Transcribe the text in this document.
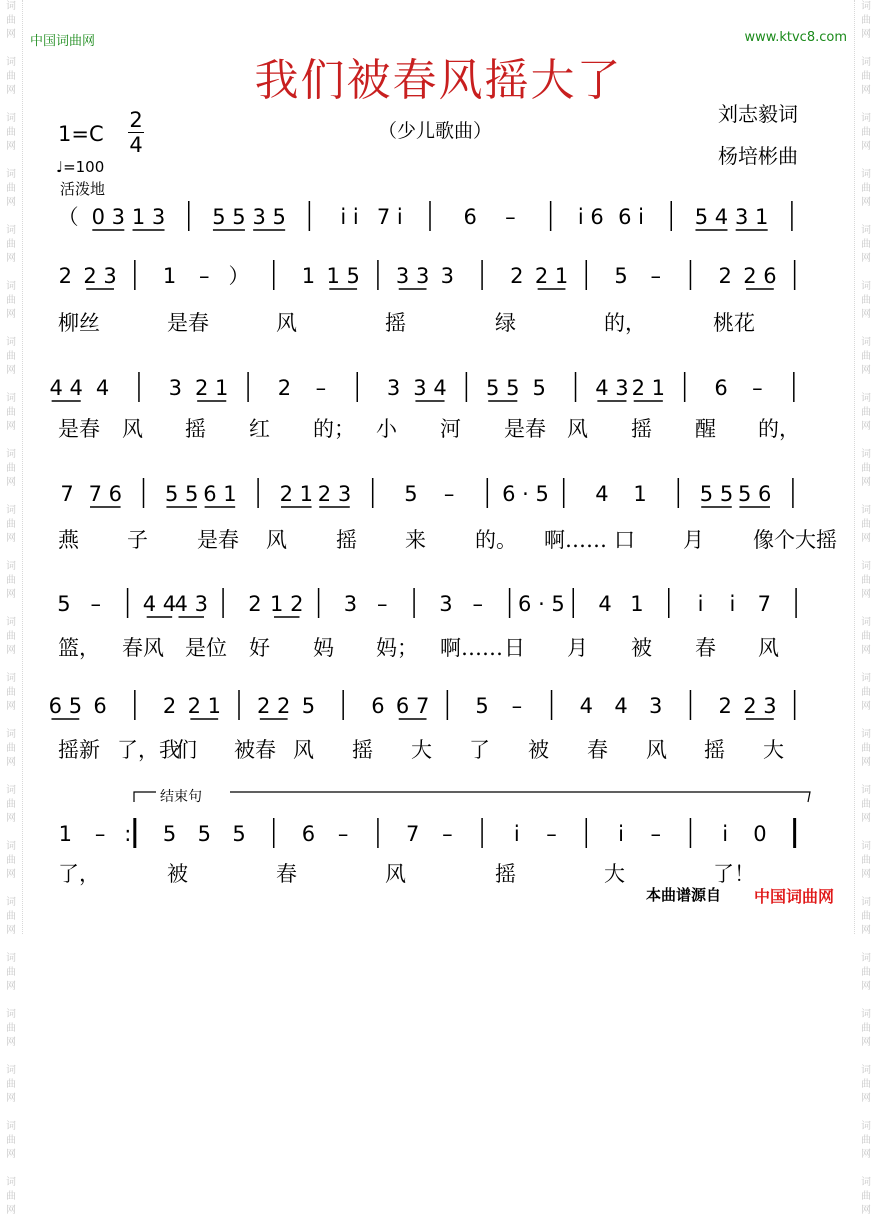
词
曲
网

词
曲
网

词
曲
网

词
曲
网

词
曲
网

词
曲
网

词
曲
网

词
曲
网

词
曲
网

词
曲
网

词
曲
网

词
曲
网

词
曲
网

词
曲
网

词
曲
网

词
曲
网

词
曲
网

词
曲
网

词
曲
网

词
曲
网

词
曲
网

词
曲
网

词
曲
网

词
曲
网

词
曲
网

词
曲
网

词
曲
网

词
曲
网

词
曲
网

词
曲
网

词
曲
网

词
曲
网

词
曲
网

词
曲
网

词
曲
网

词
曲
网

词
曲
网

词
曲
网

词
曲
网

词
曲
网

词
曲
网

词
曲
网

词
曲
网

词
曲
网

中国词曲网	www.ktvc8.com
我们被春风摇大了
（少儿歌曲）
刘志毅词
杨培彬曲
1=C
2
4
♩=100
活泼地
（ 0 3 1 3 5 5 3 5	i i 7 i	6 –	i 6 6 i 5 4 3 1
2 2 3 1 – ） 1 1 5 3 3 3	2 2 1 5 –	2 2 6
柳丝	是春	风	摇	绿	的，	桃花
4 4 4	3 2 1 2 –	3 3 4 5 5 5 4 3 2 1 6 –
是春 风 摇 红 的； 小 河 是春 风 摇 醒 的，
7 7 6 5 5 6 1 2 1 2 3	5 – 6 · 5 4 1	5 5 5 6
燕 子 是春 风 摇 来 的。 啊…… 口 月 像个大摇
5 – 4 4
4 3 2 1 2 3 – 3 – 6 · 5 4 1	i i 7
篮， 春风 是位 好 妈 妈； 啊…… 日 月 被 春 风
6 5 6	2 2 1 2 2 5	6 6 7 5 –	4 4 3	2 2 3
摇新 了，我
们 被春 风 摇 大 了 被 春 风 摇 大
1 – : 5 5 5	6 –	7 –	i –	i –	i 0
了，	被	春	风	摇	大	了！
结束句
本曲谱源自 中国词曲网
